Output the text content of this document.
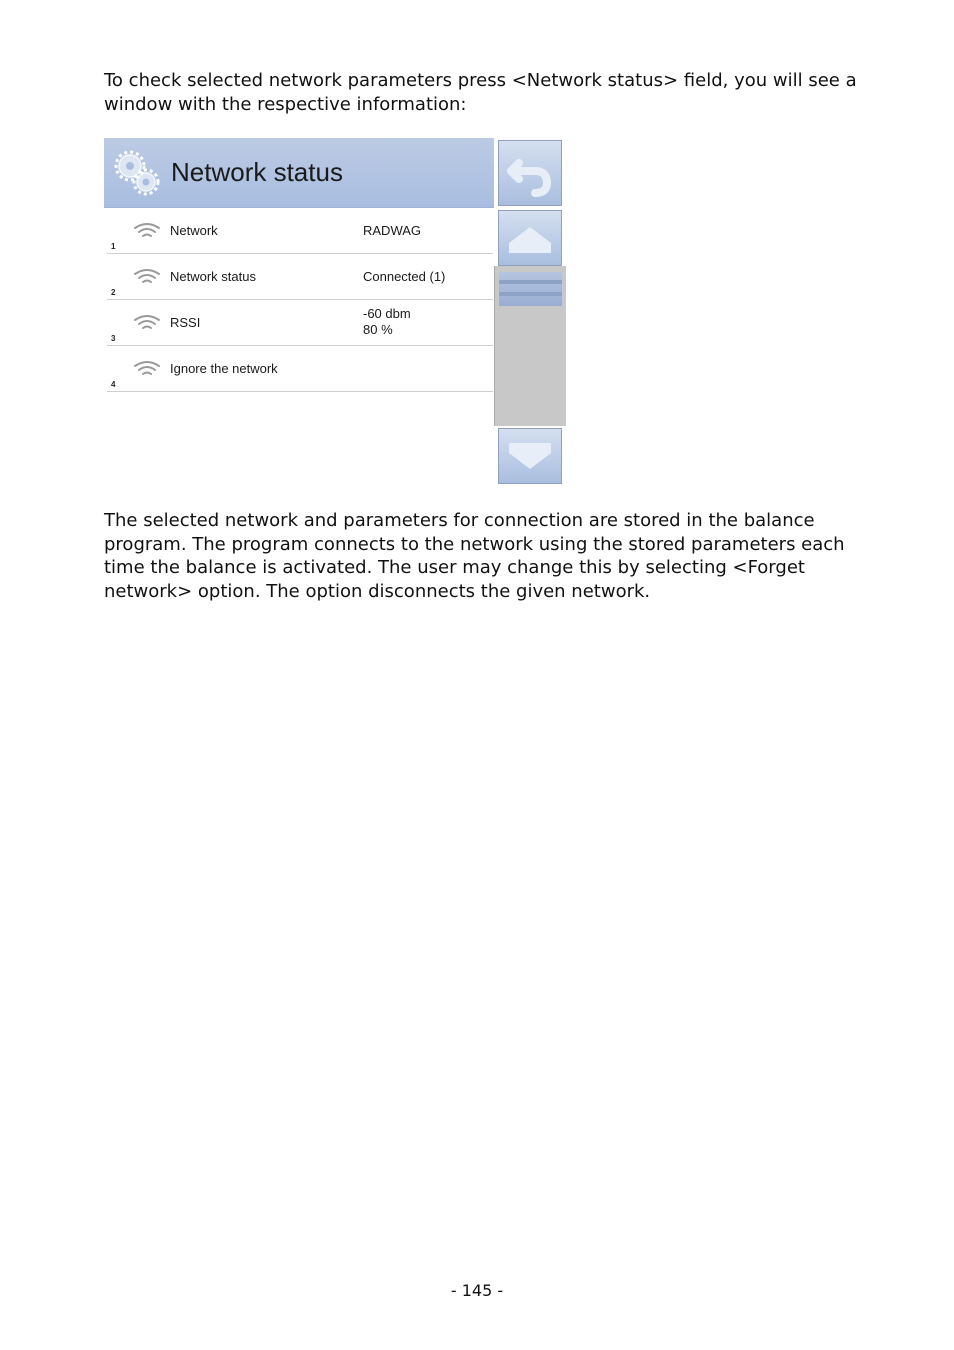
To check selected network parameters press <Network status> field, you will see a window with the respective information:
Network status
1
Network	RADWAG
2
Network status	Connected (1)
3
RSSI
-60 dbm
80 %
4
Ignore the network
The selected network and parameters for connection are stored in the balance program. The program connects to the network using the stored parameters each time the balance is activated. The user may change this by selecting <Forget network> option. The option disconnects the given network.
- 145 -
